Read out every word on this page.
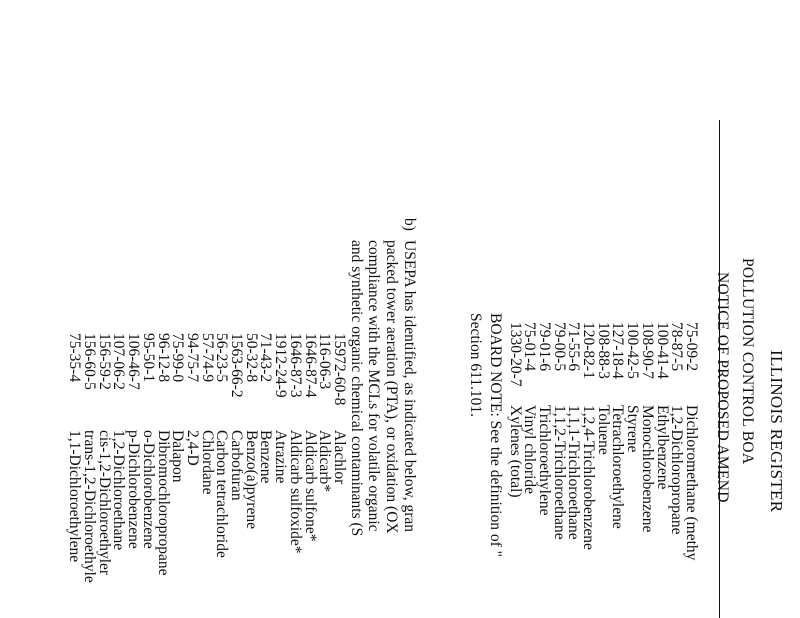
ILLINOIS REGISTER
POLLUTION CONTROL BOA
NOTICE OF PROPOSED AMEND
75-09-2
Dichloromethane (methy
78-87-5
1,2-Dichloropropane
100-41-4
Ethylbenzene
108-90-7
Monochlorobenzene
100-42-5
Styrene
127-18-4
Tetrachloroethylene
108-88-3
Toluene
120-82-1
1,2,4-Trichlorobenzene
71-55-6
1,1,1-Trichloroethane
79-00-5
1,1,2-Trichloroethane
79-01-6
Trichloroethylene
75-01-4
Vinyl chloride
1330-20-7
Xylenes (total)
BOARD NOTE: See the definition of "
Section 611.101.
b)
USEPA has identified, as indicated below, gran
packed tower aeration (PTA), or oxidation (OX
compliance with the MCLs for volatile organic
and synthetic organic chemical contaminants (S
15972-60-8
Alachlor
116-06-3
Aldicarb*
1646-87-4
Aldicarb sulfone*
1646-87-3
Aldicarb sulfoxide*
1912-24-9
Atrazine
71-43-2
Benzene
50-32-8
Benzo(a)pyrene
1563-66-2
Carbofuran
56-23-5
Carbon tetrachloride
57-74-9
Chlordane
94-75-7
2,4-D
75-99-0
Dalapon
96-12-8
Dibromochloropropane
95-50-1
o-Dichlorobenzene
106-46-7
p-Dichlorobenzene
107-06-2
1,2-Dichloroethane
156-59-2
cis-1,2-Dichloroethyler
156-60-5
trans-1,2-Dichloroethyle
75-35-4
1,1-Dichloroethylene
